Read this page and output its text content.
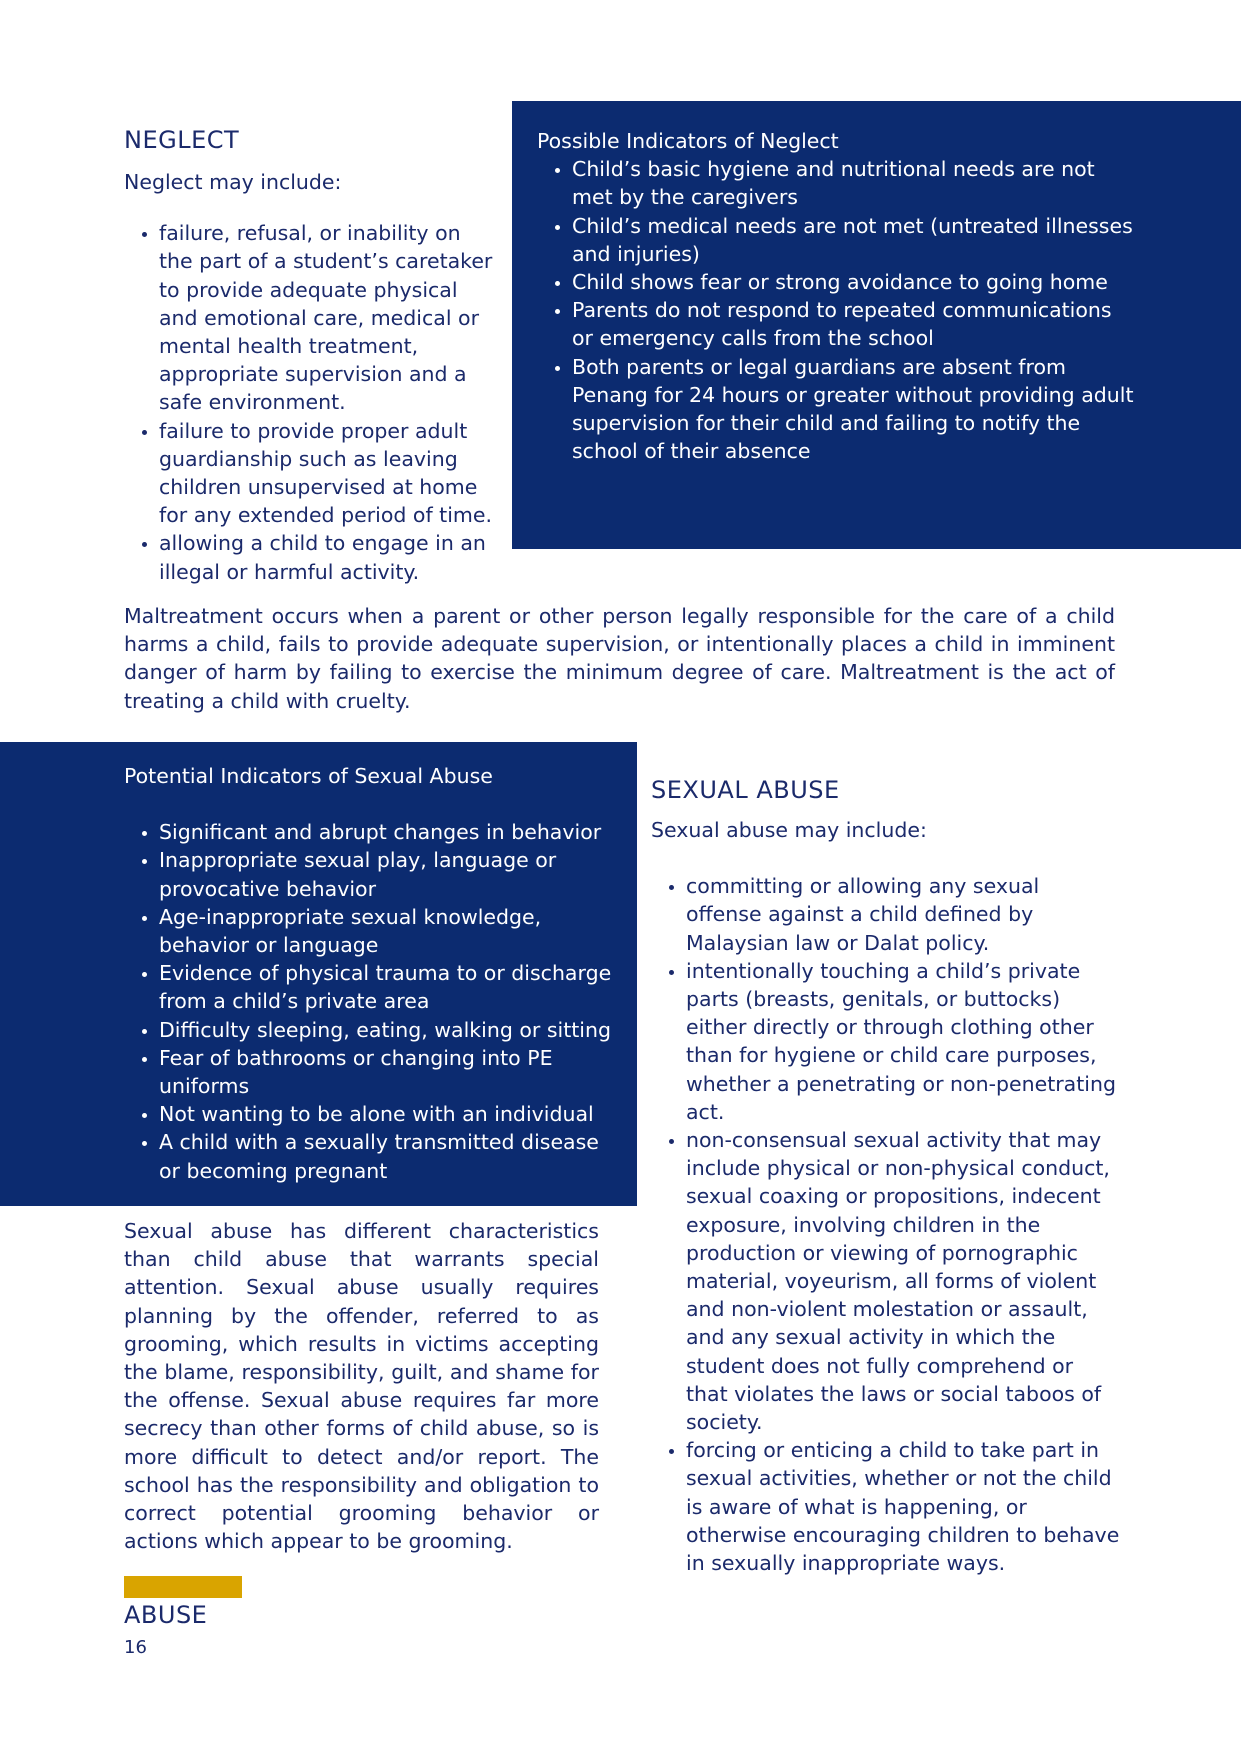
NEGLECT
Neglect may include:
• failure, refusal, or inability on the part of a student’s caretaker to provide adequate physical and emotional care, medical or mental health treatment, appropriate supervision and a safe environment.
• failure to provide proper adult guardianship such as leaving children unsupervised at home for any extended period of time.
• allowing a child to engage in an illegal or harmful activity.
Possible Indicators of Neglect
• Child’s basic hygiene and nutritional needs are not met by the caregivers
• Child’s medical needs are not met (untreated illnesses and injuries)
• Child shows fear or strong avoidance to going home
• Parents do not respond to repeated communications or emergency calls from the school
• Both parents or legal guardians are absent from Penang for 24 hours or greater without providing adult supervision for their child and failing to notify the school of their absence
Maltreatment occurs when a parent or other person legally responsible for the care of a child harms a child, fails to provide adequate supervision, or intentionally places a child in imminent danger of harm by failing to exercise the minimum degree of care. Maltreatment is the act of treating a child with cruelty.
Potential Indicators of Sexual Abuse
• Significant and abrupt changes in behavior
• Inappropriate sexual play, language or provocative behavior
• Age-inappropriate sexual knowledge, behavior or language
• Evidence of physical trauma to or discharge from a child’s private area
• Difficulty sleeping, eating, walking or sitting
• Fear of bathrooms or changing into PE uniforms
• Not wanting to be alone with an individual
• A child with a sexually transmitted disease or becoming pregnant
Sexual abuse has different characteristics than child abuse that warrants special attention. Sexual abuse usually requires planning by the offender, referred to as grooming, which results in victims accepting the blame, responsibility, guilt, and shame for the offense. Sexual abuse requires far more secrecy than other forms of child abuse, so is more difficult to detect and/or report. The school has the responsibility and obligation to correct potential grooming behavior or actions which appear to be grooming.
SEXUAL ABUSE
Sexual abuse may include:
• committing or allowing any sexual offense against a child defined by Malaysian law or Dalat policy.
• intentionally touching a child’s private parts (breasts, genitals, or buttocks) either directly or through clothing other than for hygiene or child care purposes, whether a penetrating or non-penetrating act.
• non-consensual sexual activity that may include physical or non-physical conduct, sexual coaxing or propositions, indecent exposure, involving children in the production or viewing of pornographic material, voyeurism, all forms of violent and non-violent molestation or assault, and any sexual activity in which the student does not fully comprehend or that violates the laws or social taboos of society.
• forcing or enticing a child to take part in sexual activities, whether or not the child is aware of what is happening, or otherwise encouraging children to behave in sexually inappropriate ways.
ABUSE
16
